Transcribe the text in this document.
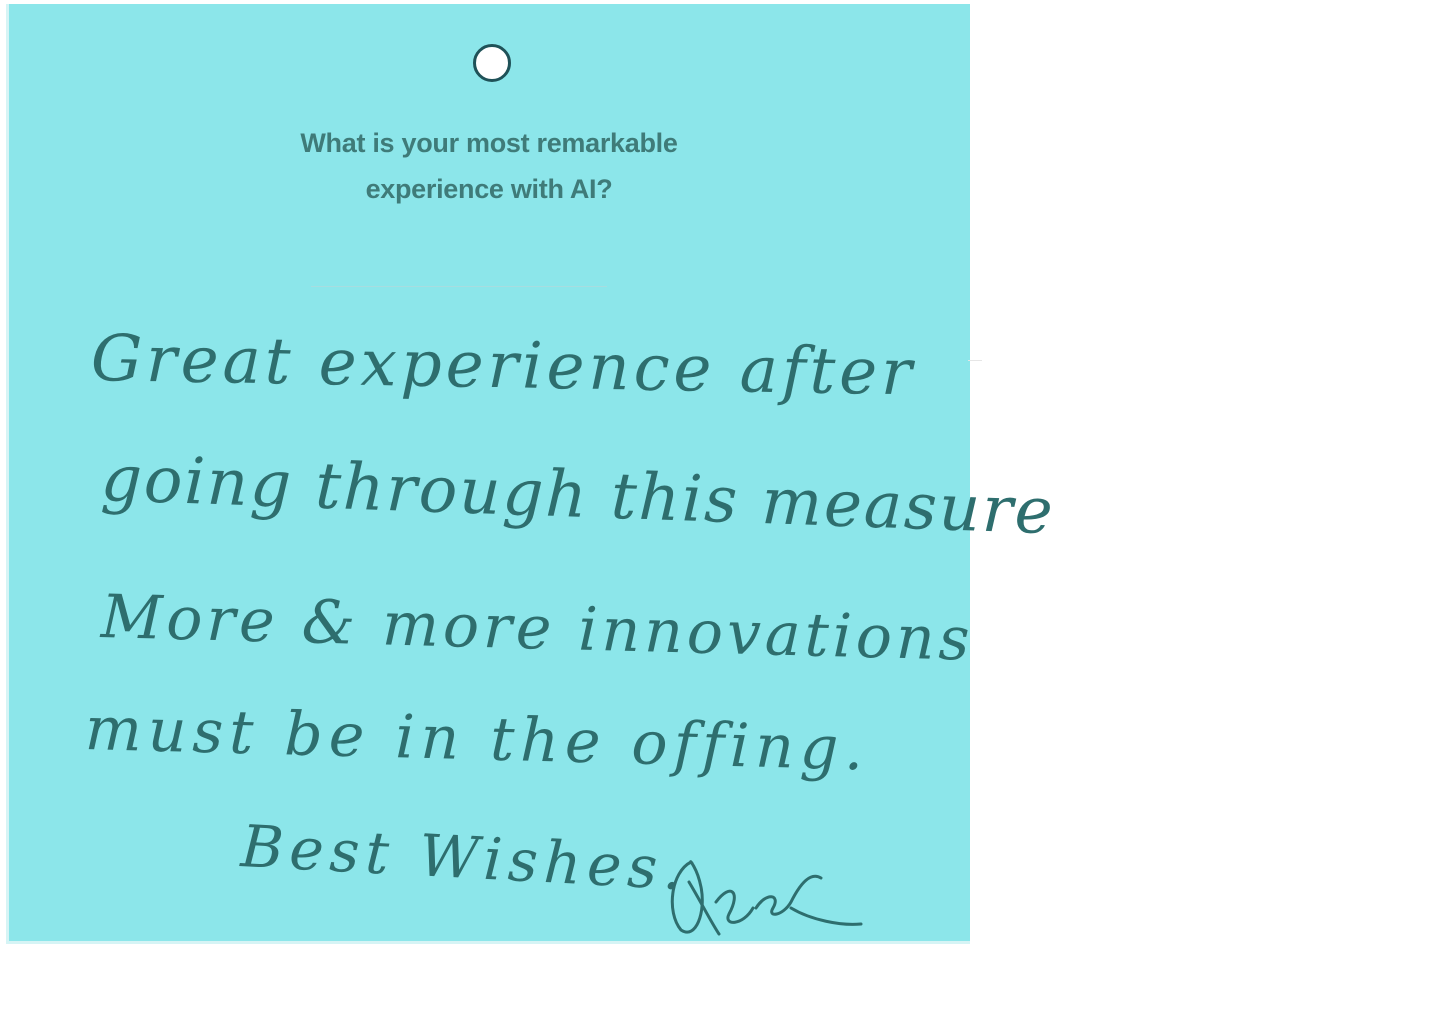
What is your most remarkable
experience with AI?
Great experience after
going through this measure
More & more innovations
must be in the offing.
Best Wishes.
